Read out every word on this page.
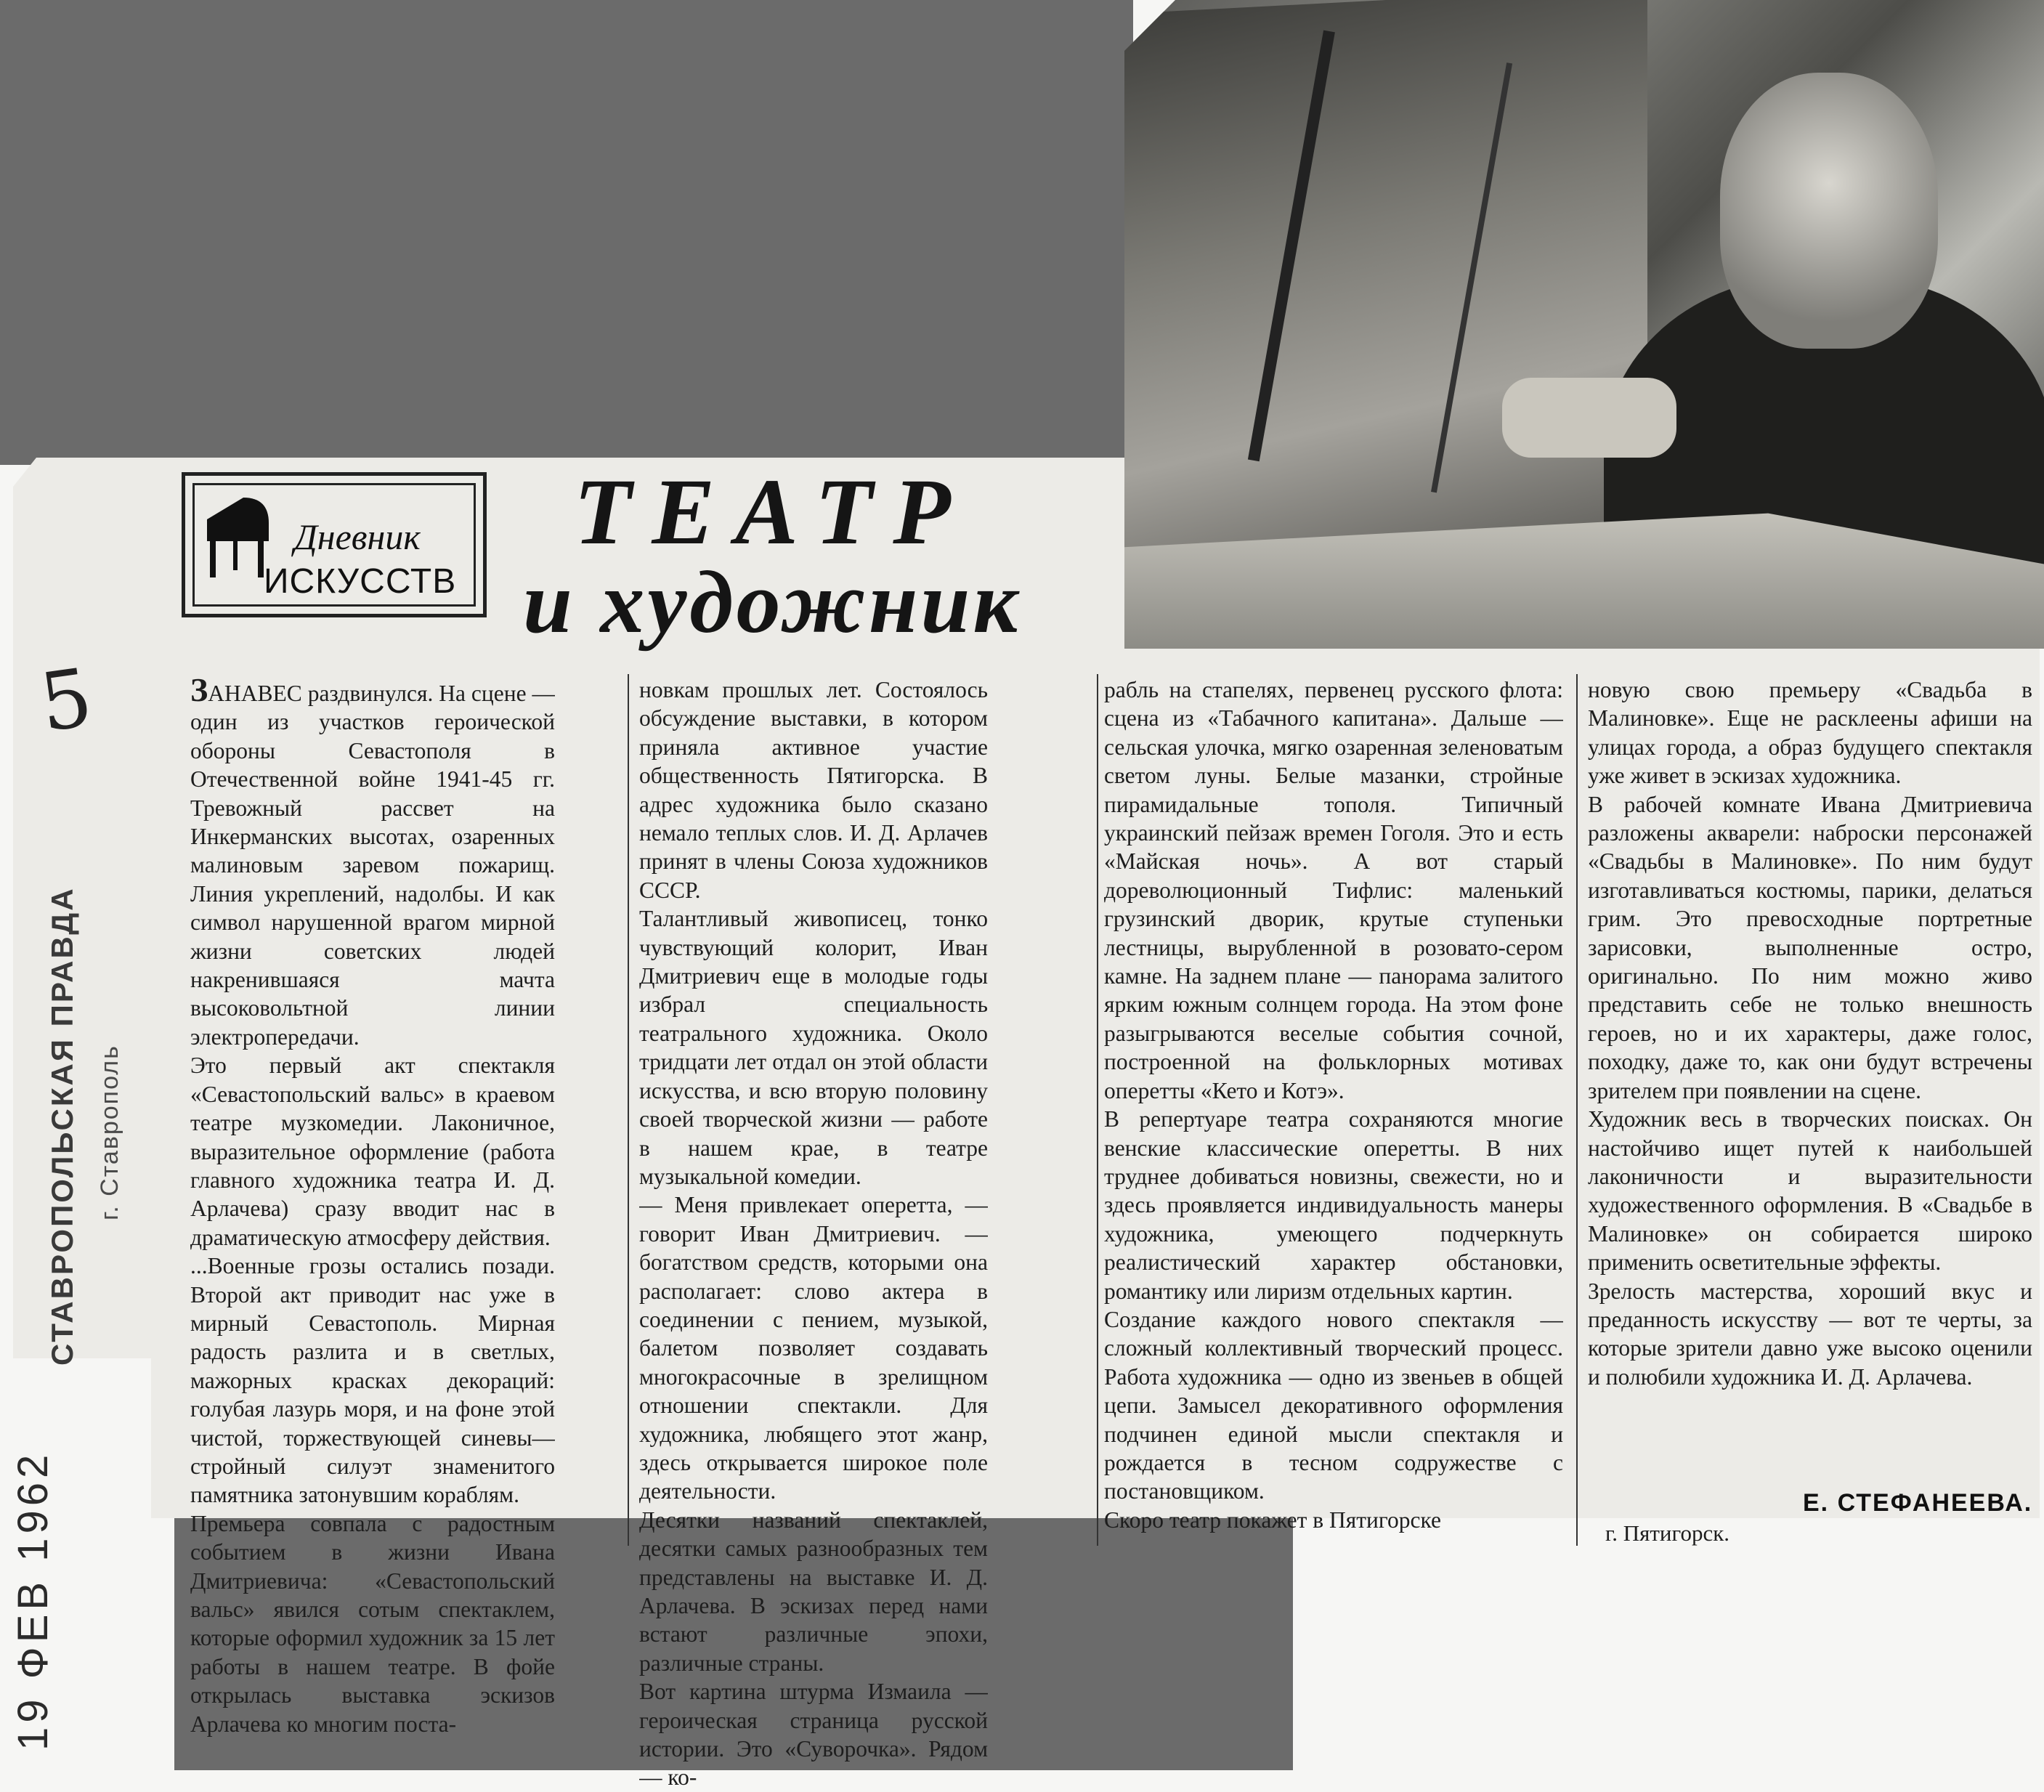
Дневник
ИСКУССТВ
ТЕАТР
и художник
ЗАНАВЕС раздвинулся. На сцене — один из участков героической обороны Севастополя в Отечественной войне 1941-45 гг. Тревожный рассвет на Инкерманских высотах, озаренных малиновым заревом пожарищ. Линия укреплений, надолбы. И как символ нарушенной врагом мирной жизни советских людей накренившаяся мачта высоковольтной линии электропередачи.
Это первый акт спектакля «Севастопольский вальс» в краевом театре музкомедии. Лаконичное, выразительное оформление (работа главного художника театра И. Д. Арлачева) сразу вводит нас в драматическую атмосферу действия.
...Военные грозы остались позади. Второй акт приводит нас уже в мирный Севастополь. Мирная радость разлита и в светлых, мажорных красках декораций: голубая лазурь моря, и на фоне этой чистой, торжествующей синевы—стройный силуэт знаменитого памятника затонувшим кораблям.
Премьера совпала с радостным событием в жизни Ивана Дмитриевича: «Севастопольский вальс» явился сотым спектаклем, которые оформил художник за 15 лет работы в нашем театре. В фойе открылась выставка эскизов Арлачева ко многим поста-
новкам прошлых лет. Состоялось обсуждение выставки, в котором приняла активное участие общественность Пятигорска. В адрес художника было сказано немало теплых слов. И. Д. Арлачев принят в члены Союза художников СССР.
Талантливый живописец, тонко чувствующий колорит, Иван Дмитриевич еще в молодые годы избрал специальность театрального художника. Около тридцати лет отдал он этой области искусства, и всю вторую половину своей творческой жизни — работе в нашем крае, в театре музыкальной комедии.
— Меня привлекает оперетта, — говорит Иван Дмитриевич. — богатством средств, которыми она располагает: слово актера в соединении с пением, музыкой, балетом позволяет создавать многокрасочные в зрелищном отношении спектакли. Для художника, любящего этот жанр, здесь открывается широкое поле деятельности.
Десятки названий спектаклей, десятки самых разнообразных тем представлены на выставке И. Д. Арлачева. В эскизах перед нами встают различные эпохи, различные страны.
Вот картина штурма Измаила — героическая страница русской истории. Это «Суворочка». Рядом — ко-
рабль на стапелях, первенец русского флота: сцена из «Табачного капитана». Дальше — сельская улочка, мягко озаренная зеленоватым светом луны. Белые мазанки, стройные пирамидальные тополя. Типичный украинский пейзаж времен Гоголя. Это и есть «Майская ночь». А вот старый дореволюционный Тифлис: маленький грузинский дворик, крутые ступеньки лестницы, вырубленной в розовато-сером камне. На заднем плане — панорама залитого ярким южным солнцем города. На этом фоне разыгрываются веселые события сочной, построенной на фольклорных мотивах оперетты «Кето и Котэ».
В репертуаре театра сохраняются многие венские классические оперетты. В них труднее добиваться новизны, свежести, но и здесь проявляется индивидуальность манеры художника, умеющего подчеркнуть реалистический характер обстановки, романтику или лиризм отдельных картин.
Создание каждого нового спектакля — сложный коллективный творческий процесс. Работа художника — одно из звеньев в общей цепи. Замысел декоративного оформления подчинен единой мысли спектакля и рождается в тесном содружестве с постановщиком.
Скоро театр покажет в Пятигорске
новую свою премьеру «Свадьба в Малиновке». Еще не расклеены афиши на улицах города, а образ будущего спектакля уже живет в эскизах художника.
В рабочей комнате Ивана Дмитриевича разложены акварели: наброски персонажей «Свадьбы в Малиновке». По ним будут изготавливаться костюмы, парики, делаться грим. Это превосходные портретные зарисовки, выполненные остро, оригинально. По ним можно живо представить себе не только внешность героев, но и их характеры, даже голос, походку, даже то, как они будут встречены зрителем при появлении на сцене.
Художник весь в творческих поисках. Он настойчиво ищет путей к наибольшей лаконичности и выразительности художественного оформления. В «Свадьбе в Малиновке» он собирается широко применить осветительные эффекты.
Зрелость мастерства, хороший вкус и преданность искусству — вот те черты, за которые зрители давно уже высоко оценили и полюбили художника И. Д. Арлачева.
Е. СТЕФАНЕЕВА.
г. Пятигорск.
СТАВРОПОЛЬСКАЯ ПРАВДА г. Ставрополь
19 ФЕВ 1962
5
